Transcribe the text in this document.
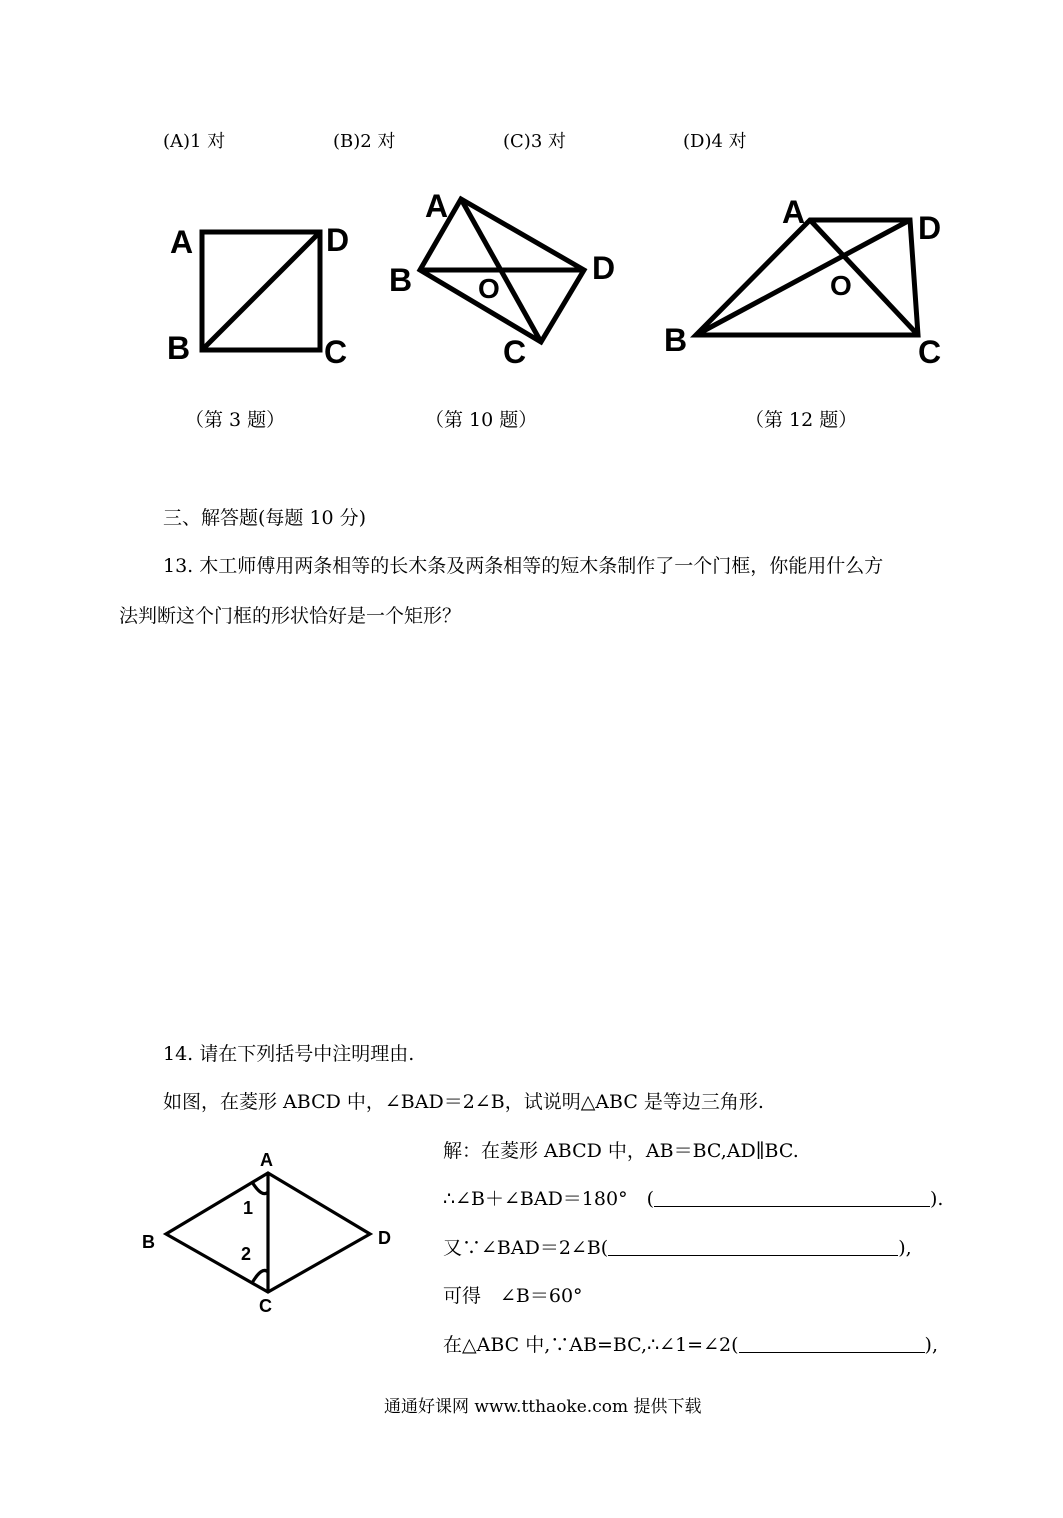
(A)1 对	(B)2 对	(C)3 对	(D)4 对
A	D
B	C
A
B	D
C
O
A	D
B	C
O
（第 3 题）	（第 10 题）	（第 12 题）
三、解答题(每题 10 分)
13. 木工师傅用两条相等的长木条及两条相等的短木条制作了一个门框，你能用什么方
法判断这个门框的形状恰好是一个矩形？
14. 请在下列括号中注明理由.
如图，在菱形 ABCD 中，∠BAD＝2∠B，试说明△ABC 是等边三角形.
A
B	D
C
1
2
解：在菱形 ABCD 中，AB＝BC,AD∥BC.
∴∠B＋∠BAD＝180°　(	).
又∵∠BAD＝2∠B(	),
可得　∠B＝60°
在△ABC 中,∵AB=BC,∴∠1=∠2(	),
通通好课网 www.tthaoke.com 提供下载
